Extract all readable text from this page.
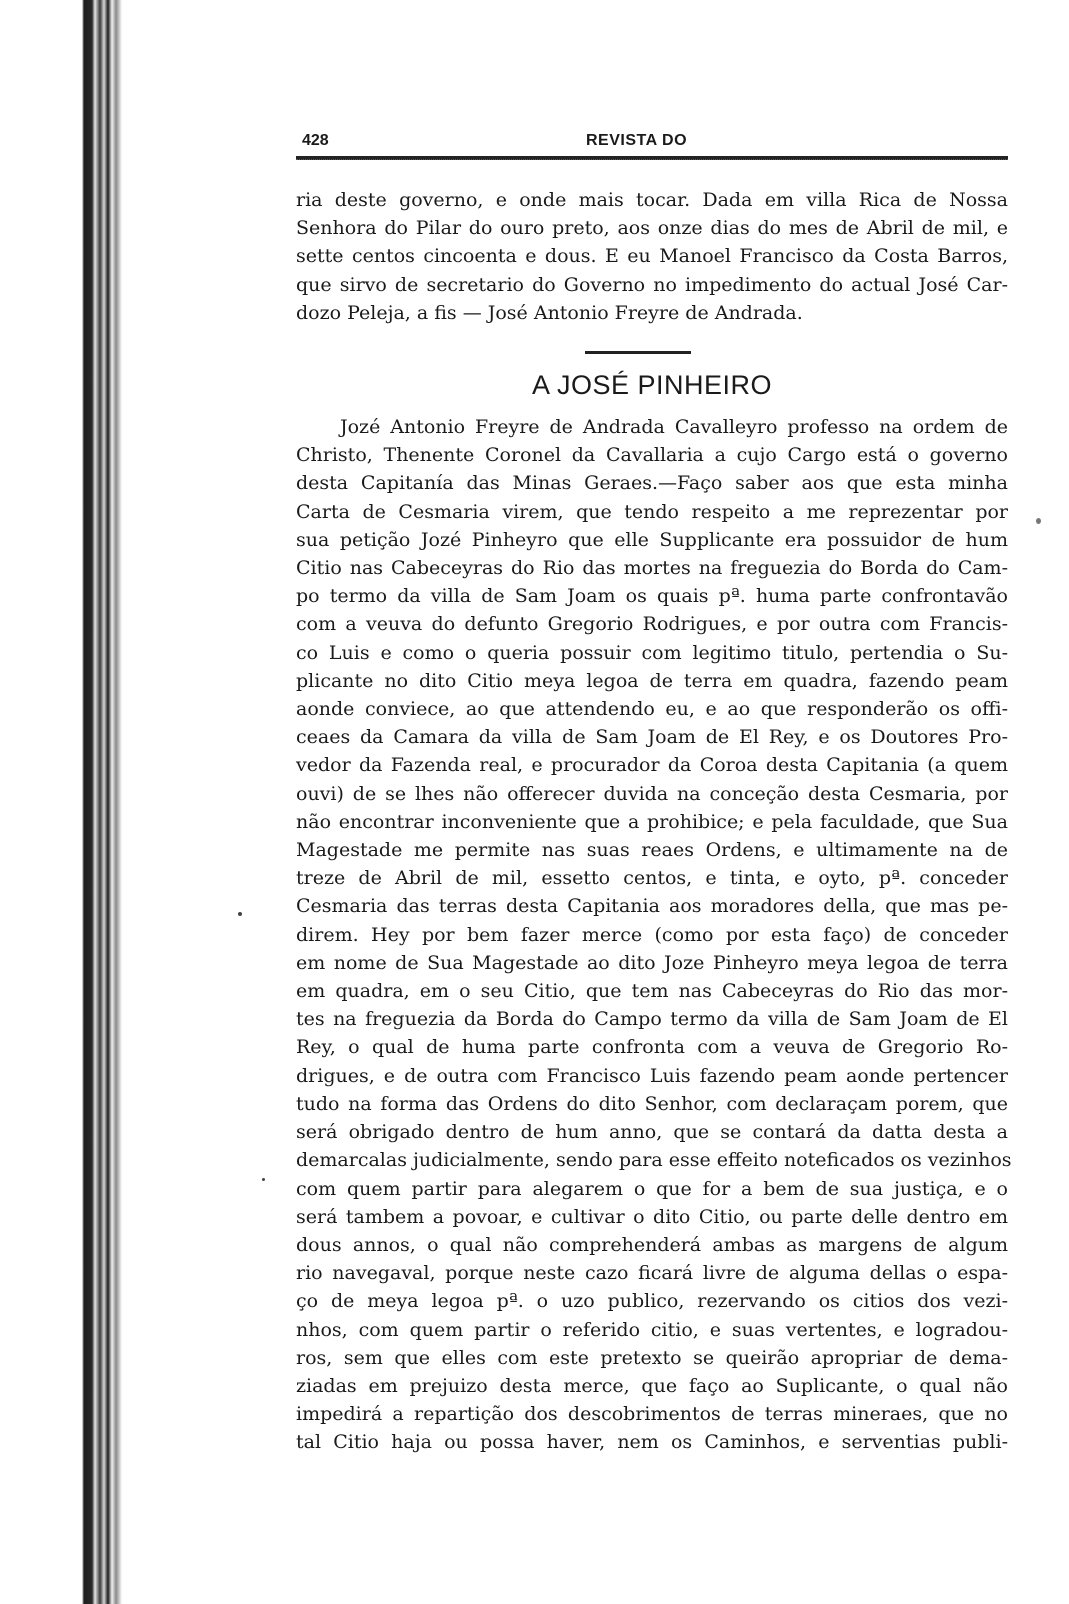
428	REVISTA DO
ria deste governo, e onde mais tocar. Dada em villa Rica de Nossa
Senhora do Pilar do ouro preto, aos onze dias do mes de Abril de mil, e
sette centos cincoenta e dous. E eu Manoel Francisco da Costa Barros,
que sirvo de secretario do Governo no impedimento do actual José Car-
dozo Peleja, a fis — José Antonio Freyre de Andrada.
A JOSÉ PINHEIRO
Jozé Antonio Freyre de Andrada Cavalleyro professo na ordem de
Christo, Thenente Coronel da Cavallaria a cujo Cargo está o governo
desta Capitanía das Minas Geraes.—Faço saber aos que esta minha
Carta de Cesmaria virem, que tendo respeito a me reprezentar por
sua petição Jozé Pinheyro que elle Supplicante era possuidor de hum
Citio nas Cabeceyras do Rio das mortes na freguezia do Borda do Cam-
po termo da villa de Sam Joam os quais pª. huma parte confrontavão
com a veuva do defunto Gregorio Rodrigues, e por outra com Francis-
co Luis e como o queria possuir com legitimo titulo, pertendia o Su-
plicante no dito Citio meya legoa de terra em quadra, fazendo peam
aonde conviece, ao que attendendo eu, e ao que responderão os offi-
ceaes da Camara da villa de Sam Joam de El Rey, e os Doutores Pro-
vedor da Fazenda real, e procurador da Coroa desta Capitania (a quem
ouvi) de se lhes não offerecer duvida na conceção desta Cesmaria, por
não encontrar inconveniente que a prohibice; e pela faculdade, que Sua
Magestade me permite nas suas reaes Ordens, e ultimamente na de
treze de Abril de mil, essetto centos, e tinta, e oyto, pª. conceder
Cesmaria das terras desta Capitania aos moradores della, que mas pe-
direm. Hey por bem fazer merce (como por esta faço) de conceder
em nome de Sua Magestade ao dito Joze Pinheyro meya legoa de terra
em quadra, em o seu Citio, que tem nas Cabeceyras do Rio das mor-
tes na freguezia da Borda do Campo termo da villa de Sam Joam de El
Rey, o qual de huma parte confronta com a veuva de Gregorio Ro-
drigues, e de outra com Francisco Luis fazendo peam aonde pertencer
tudo na forma das Ordens do dito Senhor, com declaraçam porem, que
será obrigado dentro de hum anno, que se contará da datta desta a
demarcalas judicialmente, sendo para esse effeito noteficados os vezinhos
com quem partir para alegarem o que for a bem de sua justiça, e o
será tambem a povoar, e cultivar o dito Citio, ou parte delle dentro em
dous annos, o qual não comprehenderá ambas as margens de algum
rio navegaval, porque neste cazo ficará livre de alguma dellas o espa-
ço de meya legoa pª. o uzo publico, rezervando os citios dos vezi-
nhos, com quem partir o referido citio, e suas vertentes, e logradou-
ros, sem que elles com este pretexto se queirão apropriar de dema-
ziadas em prejuizo desta merce, que faço ao Suplicante, o qual não
impedirá a repartição dos descobrimentos de terras mineraes, que no
tal Citio haja ou possa haver, nem os Caminhos, e serventias publi-
